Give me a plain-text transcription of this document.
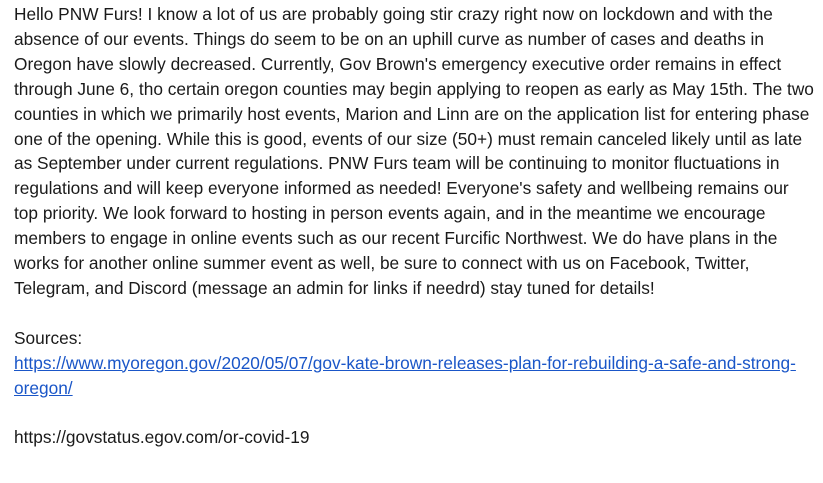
Hello PNW Furs! I know a lot of us are probably going stir crazy right now on lockdown and with the absence of our events. Things do seem to be on an uphill curve as number of cases and deaths in Oregon have slowly decreased. Currently, Gov Brown's emergency executive order remains in effect through June 6, tho certain oregon counties may begin applying to reopen as early as May 15th. The two counties in which we primarily host events, Marion and Linn are on the application list for entering phase one of the opening. While this is good, events of our size (50+) must remain canceled likely until as late as September under current regulations. PNW Furs team will be continuing to monitor fluctuations in regulations and will keep everyone informed as needed! Everyone's safety and wellbeing remains our top priority. We look forward to hosting in person events again, and in the meantime we encourage members to engage in online events such as our recent Furcific Northwest. We do have plans in the works for another online summer event as well, be sure to connect with us on Facebook, Twitter, Telegram, and Discord (message an admin for links if needrd) stay tuned for details!

Sources:
https://www.myoregon.gov/2020/05/07/gov-kate-brown-releases-plan-for-rebuilding-a-safe-and-strong-oregon/
https://govstatus.egov.com/or-covid-19
